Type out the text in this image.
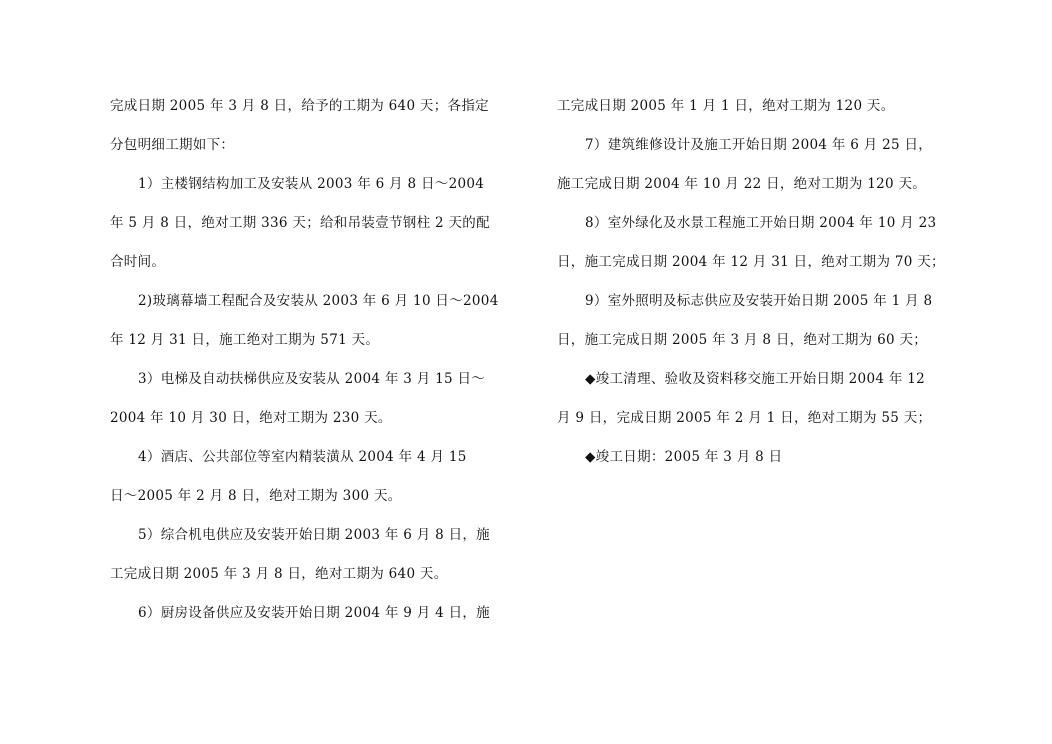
完成日期 2005 年 3 月 8 日，给予的工期为 640 天；各指定
分包明细工期如下：
1）主楼钢结构加工及安装从 2003 年 6 月 8 日～2004
年 5 月 8 日，绝对工期 336 天；给和吊装壹节钢柱 2 天的配
合时间。
2)玻璃幕墙工程配合及安装从 2003 年 6 月 10 日～2004
年 12 月 31 日，施工绝对工期为 571 天。
3）电梯及自动扶梯供应及安装从 2004 年 3 月 15 日～
2004 年 10 月 30 日，绝对工期为 230 天。
4）酒店、公共部位等室内精装潢从 2004 年 4 月 15
日～2005 年 2 月 8 日，绝对工期为 300 天。
5）综合机电供应及安装开始日期 2003 年 6 月 8 日，施
工完成日期 2005 年 3 月 8 日，绝对工期为 640 天。
6）厨房设备供应及安装开始日期 2004 年 9 月 4 日，施
工完成日期 2005 年 1 月 1 日，绝对工期为 120 天。
7）建筑维修设计及施工开始日期 2004 年 6 月 25 日，
施工完成日期 2004 年 10 月 22 日，绝对工期为 120 天。
8）室外绿化及水景工程施工开始日期 2004 年 10 月 23
日，施工完成日期 2004 年 12 月 31 日，绝对工期为 70 天；
9）室外照明及标志供应及安装开始日期 2005 年 1 月 8
日，施工完成日期 2005 年 3 月 8 日，绝对工期为 60 天；
◆竣工清理、验收及资料移交施工开始日期 2004 年 12
月 9 日，完成日期 2005 年 2 月 1 日，绝对工期为 55 天；
◆竣工日期：2005 年 3 月 8 日
